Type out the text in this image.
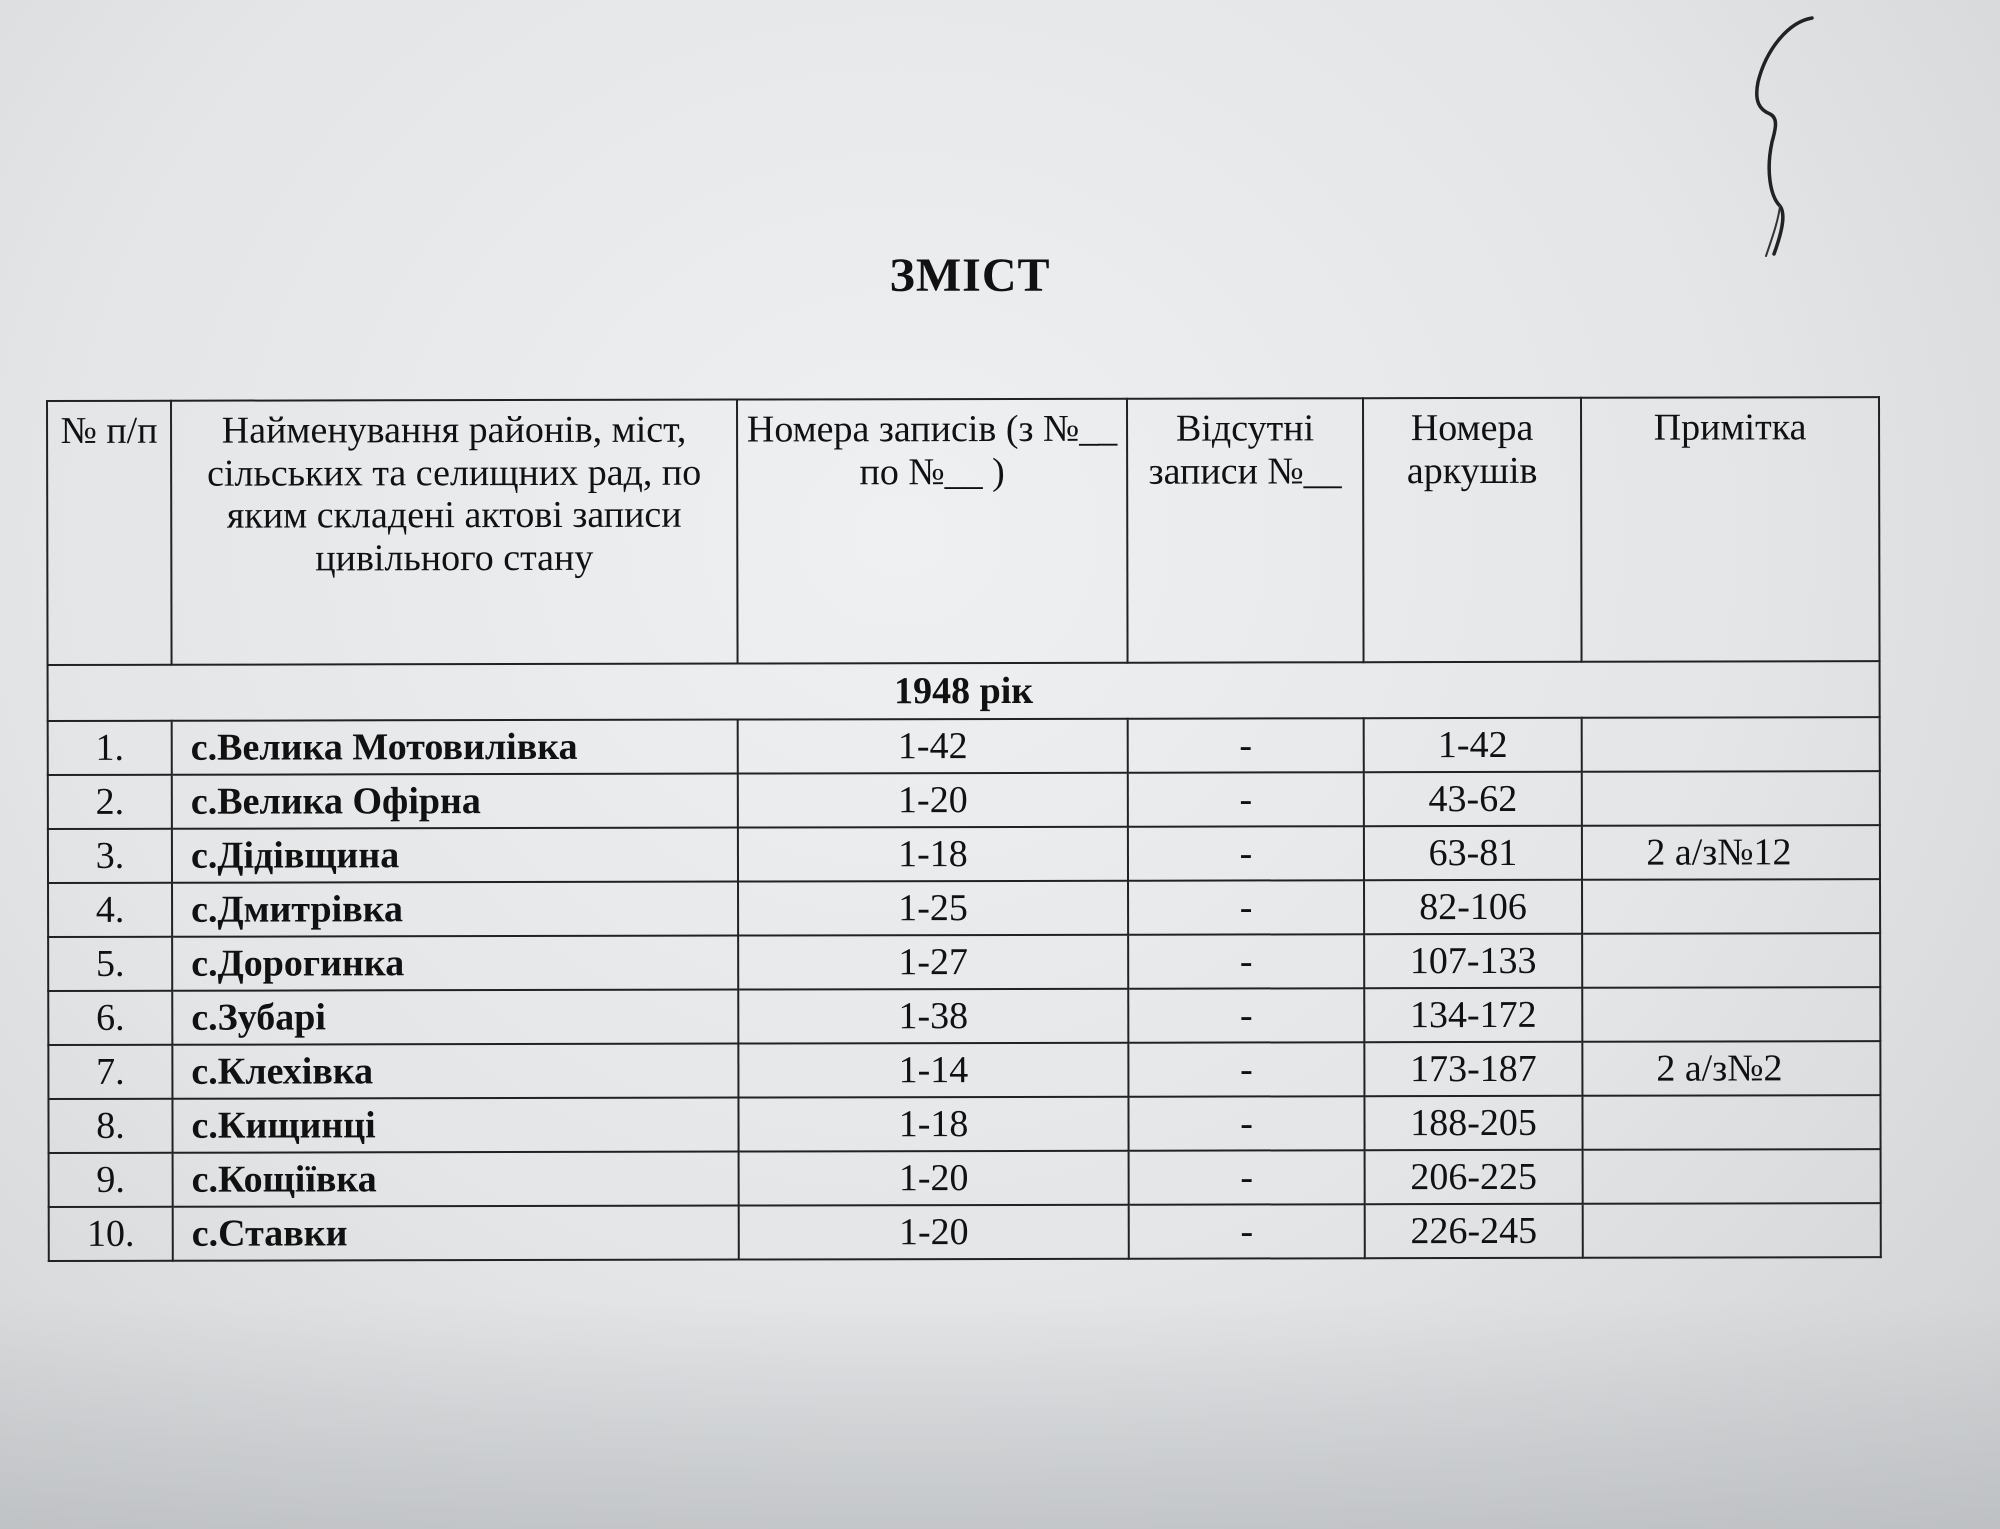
ЗМІСТ
№ п/п	Найменування районів, міст, сільських та селищних рад, по яким складені актові записи цивільного стану	Номера записів (з №__ по №__ )	Відсутні записи №__	Номера аркушів	Примітка
1948 рік					
1.	с.Велика Мотовилівка	1-42	-	1-42	
2.	с.Велика Офірна	1-20	-	43-62	
3.	с.Дідівщина	1-18	-	63-81	2 а/з№12
4.	с.Дмитрівка	1-25	-	82-106	
5.	с.Дорогинка	1-27	-	107-133	
6.	с.Зубарі	1-38	-	134-172	
7.	с.Клехівка	1-14	-	173-187	2 а/з№2
8.	с.Кищинці	1-18	-	188-205	
9.	с.Кощіївка	1-20	-	206-225	
10.	с.Ставки	1-20	-	226-245	
